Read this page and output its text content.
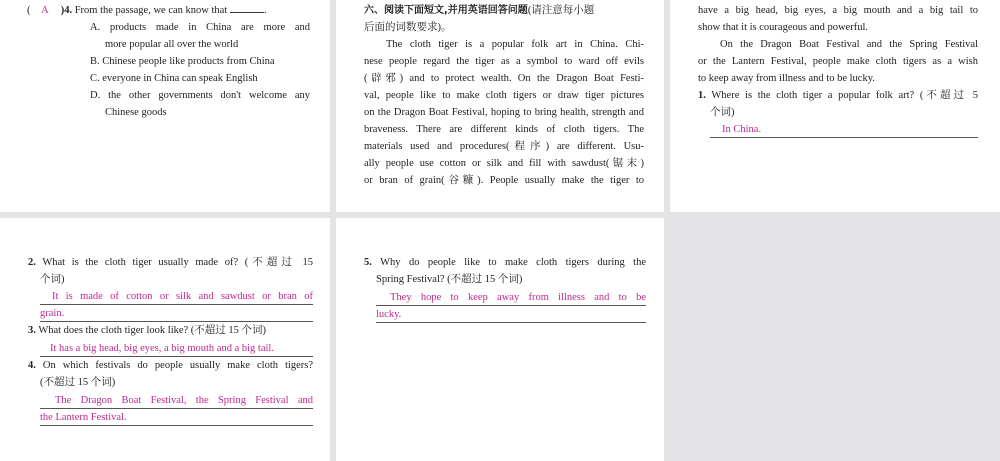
( A )4. From the passage, we can know that	.
A. products made in China are more and
more popular all over the world
B. Chinese people like products from China
C. everyone in China can speak English
D. the other governments don't welcome any
Chinese goods
六、阅读下面短文,并用英语回答问题(请注意每小题
后面的词数要求)。
The cloth tiger is a popular folk art in China. Chi-
nese people regard the tiger as a symbol to ward off evils
(辟邪) and to protect wealth. On the Dragon Boat Festi-
val, people like to make cloth tigers or draw tiger pictures
on the Dragon Boat Festival, hoping to bring health, strength and
braveness. There are different kinds of cloth tigers. The
materials used and procedures(程序) are different. Usu-
ally people use cotton or silk and fill with sawdust(锯末)
or bran of grain(谷糠). People usually make the tiger to
have a big head, big eyes, a big mouth and a big tail to
show that it is courageous and powerful.
On the Dragon Boat Festival and the Spring Festival
or the Lantern Festival, people make cloth tigers as a wish
to keep away from illness and to be lucky.
1. Where is the cloth tiger a popular folk art? (不超过 5
个词)
In China.
2. What is the cloth tiger usually made of? (不超过 15
个词)
It is made of cotton or silk and sawdust or bran of
grain.
3. What does the cloth tiger look like? (不超过 15 个词)
It has a big head, big eyes, a big mouth and a big tail.
4. On which festivals do people usually make cloth tigers?
(不超过 15 个词)
The Dragon Boat Festival, the Spring Festival and
the Lantern Festival.
5. Why do people like to make cloth tigers during the
Spring Festival? (不超过 15 个词)
They hope to keep away from illness and to be
lucky.
